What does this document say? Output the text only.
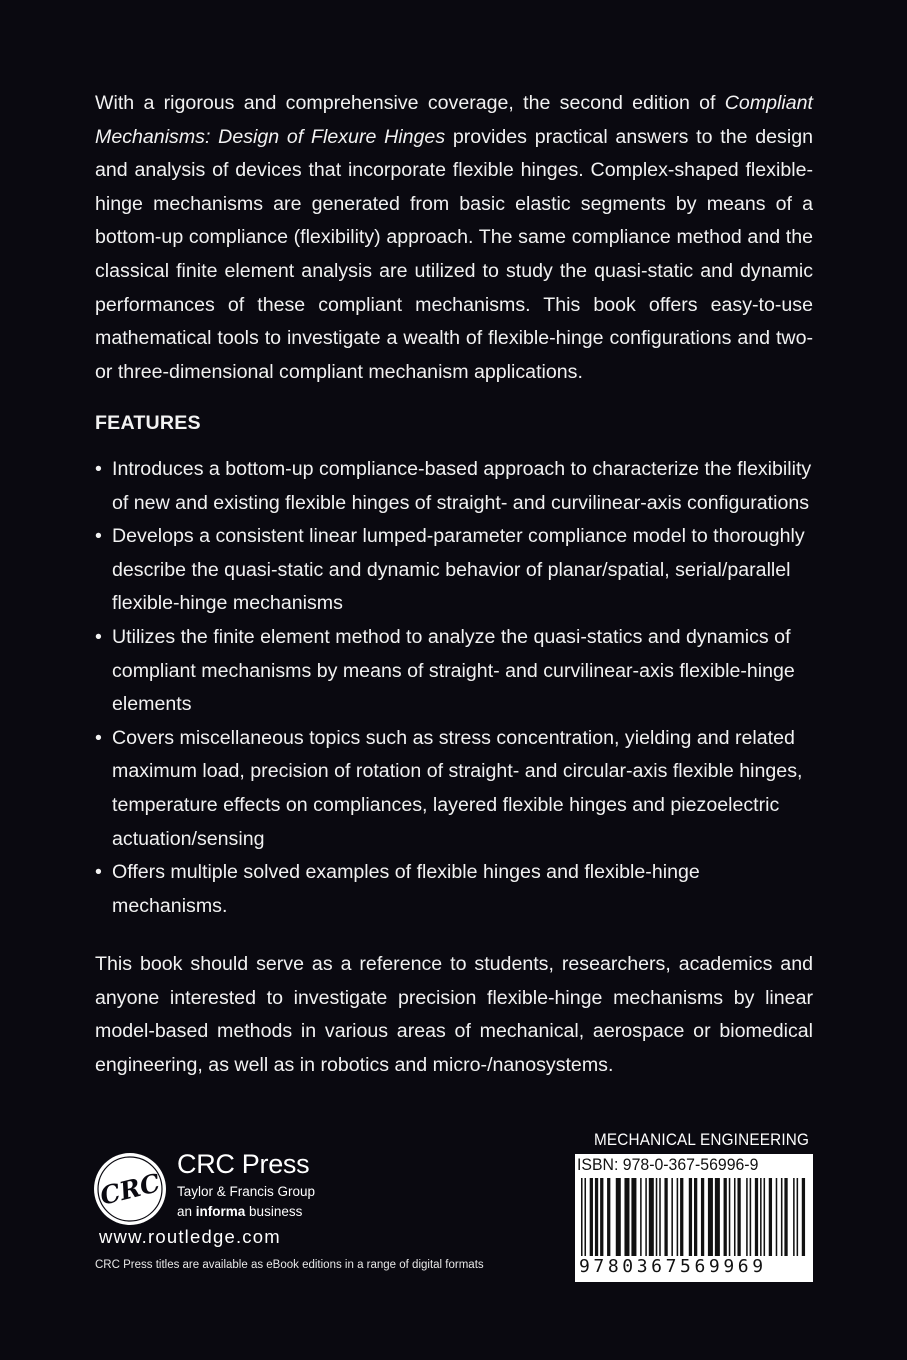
With a rigorous and comprehensive coverage, the second edition of Compliant Mechanisms: Design of Flexure Hinges provides practical answers to the design and analysis of devices that incorporate flexible hinges. Complex-shaped flexible-hinge mechanisms are generated from basic elastic segments by means of a bottom-up compliance (flexibility) approach. The same compliance method and the classical finite element analysis are utilized to study the quasi-static and dynamic performances of these compliant mechanisms. This book offers easy-to-use mathematical tools to investigate a wealth of flexible-hinge configurations and two- or three-dimensional compliant mechanism applications.
FEATURES
• Introduces a bottom-up compliance-based approach to characterize the flexibility of new and existing flexible hinges of straight- and curvilinear-axis configurations
• Develops a consistent linear lumped-parameter compliance model to thoroughly describe the quasi-static and dynamic behavior of planar/spatial, serial/parallel flexible-hinge mechanisms
• Utilizes the finite element method to analyze the quasi-statics and dynamics of compliant mechanisms by means of straight- and curvilinear-axis flexible-hinge elements
• Covers miscellaneous topics such as stress concentration, yielding and related maximum load, precision of rotation of straight- and circular-axis flexible hinges, temperature effects on compliances, layered flexible hinges and piezoelectric actuation/sensing
• Offers multiple solved examples of flexible hinges and flexible-hinge mechanisms.
This book should serve as a reference to students, researchers, academics and anyone interested to investigate precision flexible-hinge mechanisms by linear model-based methods in various areas of mechanical, aerospace or biomedical engineering, as well as in robotics and micro-/nanosystems.
CRC
CRC Press
Taylor & Francis Group
an informa business
www.routledge.com
CRC Press titles are available as eBook editions in a range of digital formats
MECHANICAL ENGINEERING
ISBN: 978-0-367-56996-9
9780367569969
